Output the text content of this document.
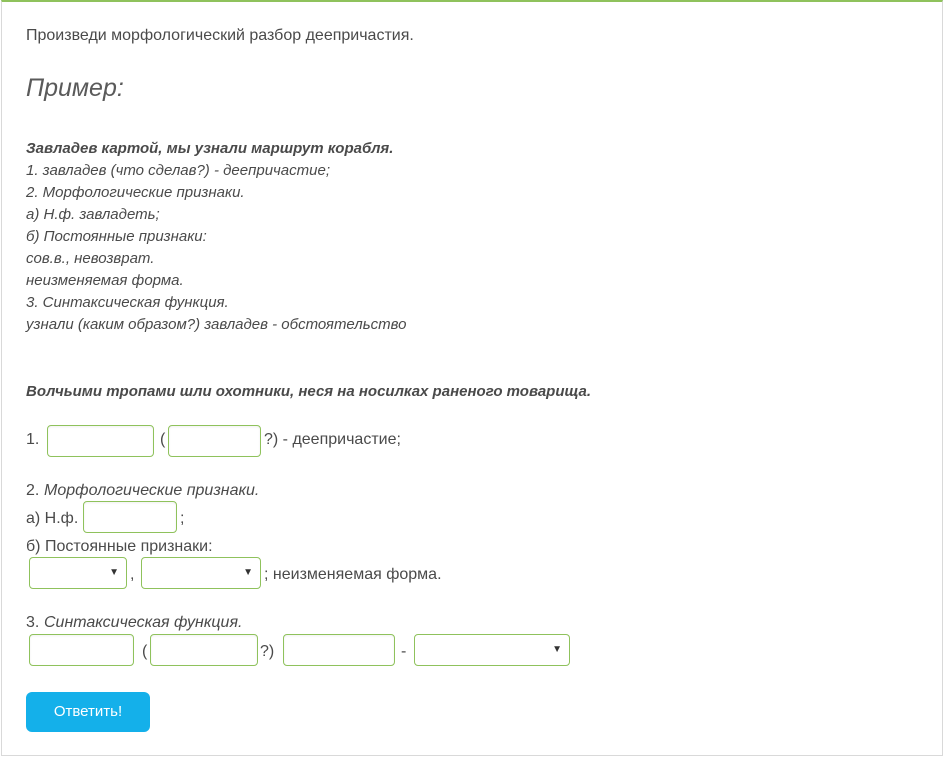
Произведи морфологический разбор деепричастия.
Пример:
Завладев картой, мы узнали маршрут корабля.
1. завладев (что сделав?) - деепричастие;
2. Морфологические признаки.
а) Н.ф. завладеть;
б) Постоянные признаки:
сов.в., невозврат.
неизменяемая форма.
3. Синтаксическая функция.
узнали (каким образом?) завладев - обстоятельство
Волчьими тропами шли охотники, неся на носилках раненого товарища.
1.	(	?) - деепричастие;
2. Морфологические признаки.
а) Н.ф.	;
б) Постоянные признаки:
▼ ,	▼ ; неизменяемая форма.
3. Синтаксическая функция.
(	?)	-	▼
Ответить!
